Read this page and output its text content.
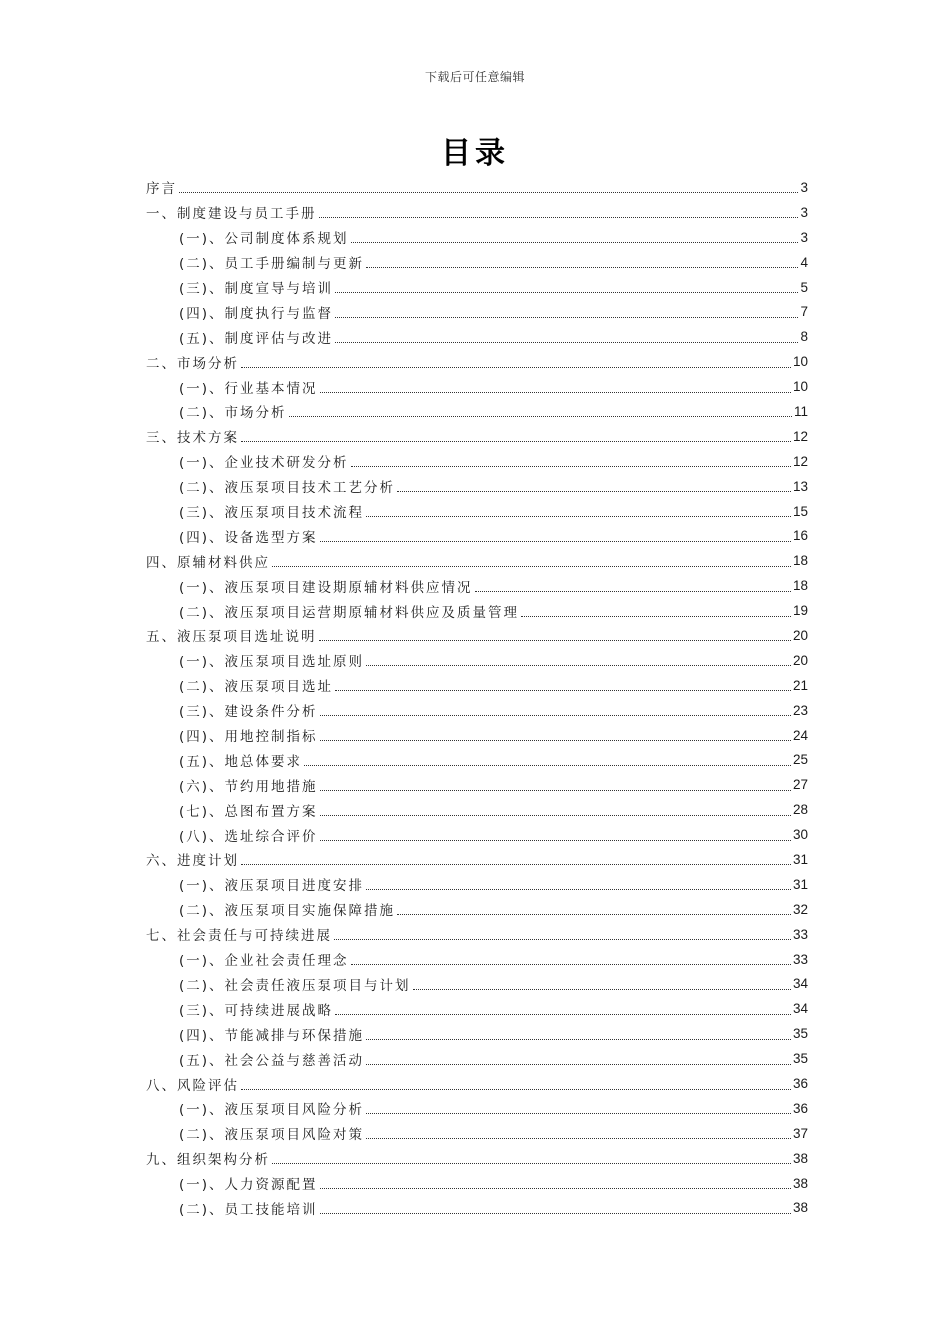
下载后可任意编辑
目录
序言	3
一、制度建设与员工手册	3
(一)、公司制度体系规划	3
(二)、员工手册编制与更新	4
(三)、制度宣导与培训	5
(四)、制度执行与监督	7
(五)、制度评估与改进	8
二、市场分析	10
(一)、行业基本情况	10
(二)、市场分析	11
三、技术方案	12
(一)、企业技术研发分析	12
(二)、液压泵项目技术工艺分析	13
(三)、液压泵项目技术流程	15
(四)、设备选型方案	16
四、原辅材料供应	18
(一)、液压泵项目建设期原辅材料供应情况	18
(二)、液压泵项目运营期原辅材料供应及质量管理	19
五、液压泵项目选址说明	20
(一)、液压泵项目选址原则	20
(二)、液压泵项目选址	21
(三)、建设条件分析	23
(四)、用地控制指标	24
(五)、地总体要求	25
(六)、节约用地措施	27
(七)、总图布置方案	28
(八)、选址综合评价	30
六、进度计划	31
(一)、液压泵项目进度安排	31
(二)、液压泵项目实施保障措施	32
七、社会责任与可持续进展	33
(一)、企业社会责任理念	33
(二)、社会责任液压泵项目与计划	34
(三)、可持续进展战略	34
(四)、节能减排与环保措施	35
(五)、社会公益与慈善活动	35
八、风险评估	36
(一)、液压泵项目风险分析	36
(二)、液压泵项目风险对策	37
九、组织架构分析	38
(一)、人力资源配置	38
(二)、员工技能培训	38
